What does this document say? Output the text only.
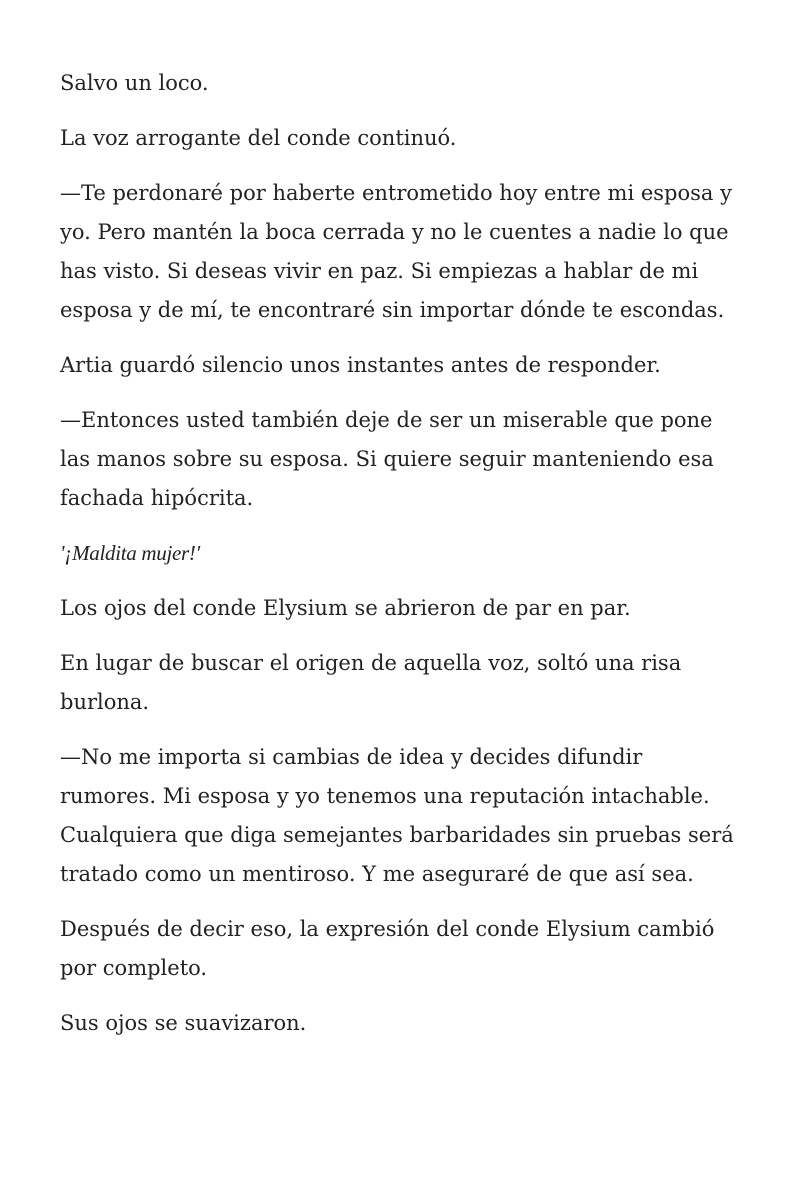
Salvo un loco.

La voz arrogante del conde continuó.

—Te perdonaré por haberte entrometido hoy entre mi esposa y yo. Pero mantén la boca cerrada y no le cuentes a nadie lo que has visto. Si deseas vivir en paz. Si empiezas a hablar de mi esposa y de mí, te encontraré sin importar dónde te escondas.

Artia guardó silencio unos instantes antes de responder.

—Entonces usted también deje de ser un miserable que pone las manos sobre su esposa. Si quiere seguir manteniendo esa fachada hipócrita.

'¡Maldita mujer!'

Los ojos del conde Elysium se abrieron de par en par.

En lugar de buscar el origen de aquella voz, soltó una risa burlona.

—No me importa si cambias de idea y decides difundir rumores. Mi esposa y yo tenemos una reputación intachable. Cualquiera que diga semejantes barbaridades sin pruebas será tratado como un mentiroso. Y me aseguraré de que así sea.

Después de decir eso, la expresión del conde Elysium cambió por completo.

Sus ojos se suavizaron.
